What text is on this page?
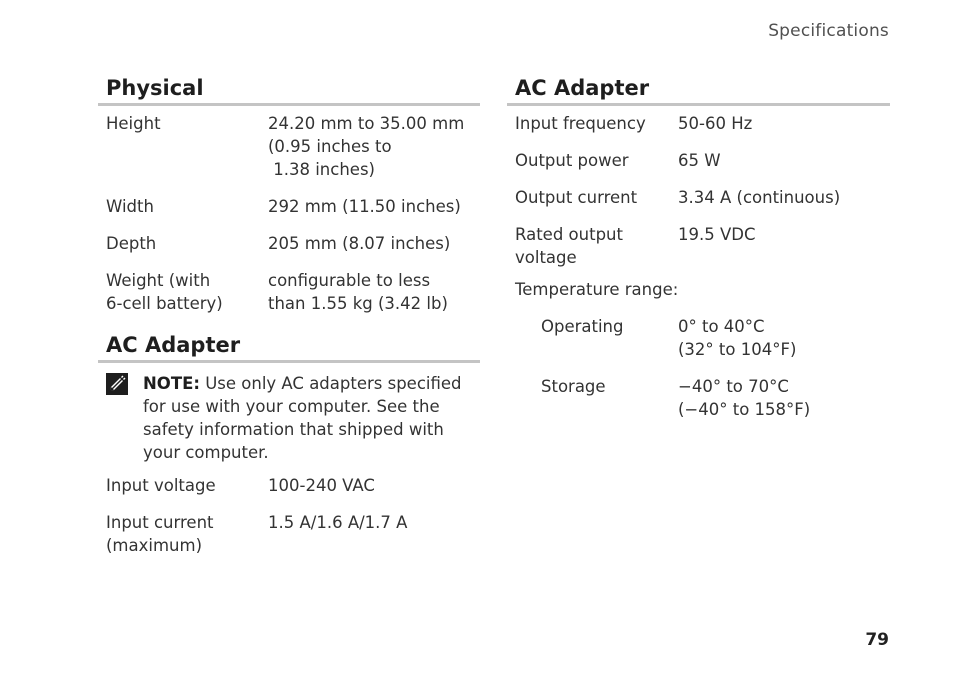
Specifications
Physical
Height	24.20 mm to 35.00 mm
(0.95 inches to
1.38 inches)
Width	292 mm (11.50 inches)
Depth	205 mm (8.07 inches)
Weight (with
6-cell battery)	configurable to less
than 1.55 kg (3.42 lb)
AC Adapter
NOTE: Use only AC adapters specified for use with your computer. See the safety information that shipped with your computer.
Input voltage	100-240 VAC
Input current
(maximum)	1.5 A/1.6 A/1.7 A
AC Adapter
Input frequency	50-60 Hz
Output power	65 W
Output current	3.34 A (continuous)
Rated output
voltage	19.5 VDC
Temperature range:
Operating	0° to 40°C
(32° to 104°F)
Storage	−40° to 70°C
(−40° to 158°F)
79
